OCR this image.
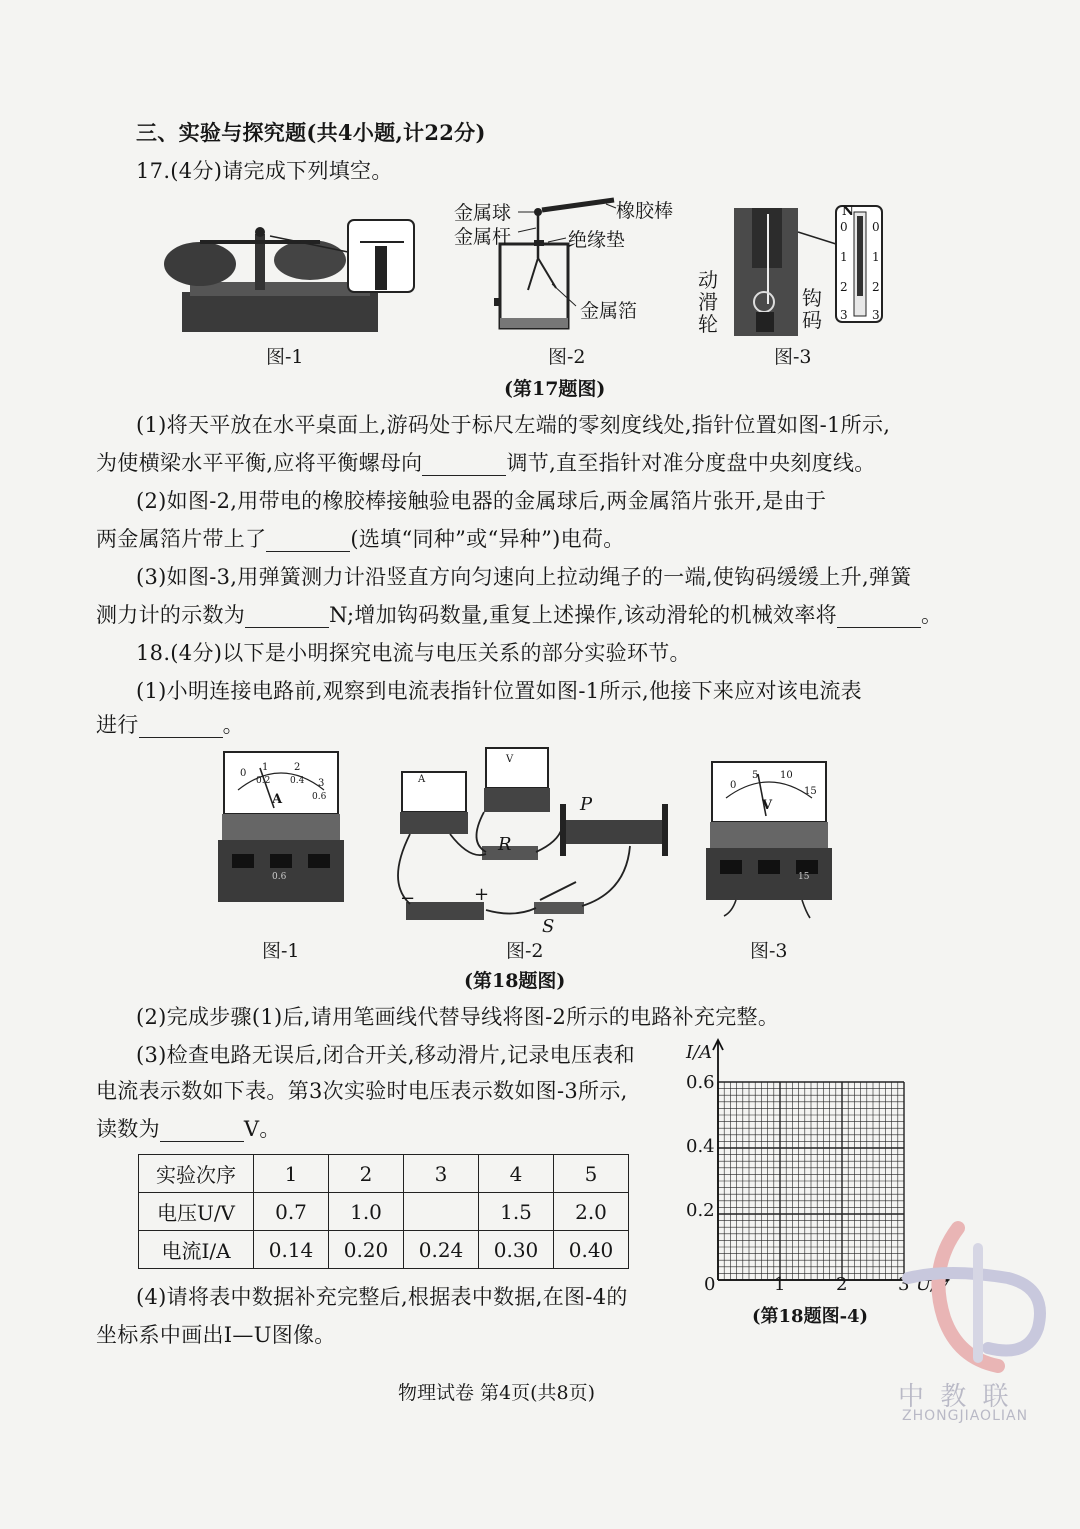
三、实验与探究题(共4小题,计22分)
17.(4分)请完成下列填空。
图-1
金属球
金属杆
橡胶棒
绝缘垫
金属箔
图-2
N
0
1
2
3
0
1
2
3
动
滑
轮
钩
码
图-3
(第17题图)
(1)将天平放在水平桌面上,游码处于标尺左端的零刻度线处,指针位置如图-1所示,
为使横梁水平平衡,应将平衡螺母向	调节,直至指针对准分度盘中央刻度线。
(2)如图-2,用带电的橡胶棒接触验电器的金属球后,两金属箔片张开,是由于
两金属箔片带上了	(选填“同种”或“异种”)电荷。
(3)如图-3,用弹簧测力计沿竖直方向匀速向上拉动绳子的一端,使钩码缓缓上升,弹簧
测力计的示数为	N;增加钩码数量,重复上述操作,该动滑轮的机械效率将	。
18.(4分)以下是小明探究电流与电压关系的部分实验环节。
(1)小明连接电路前,观察到电流表指针位置如图-1所示,他接下来应对该电流表
进行	。
A
0
1	2
3
0.2 0.4
0.6
0.6
图-1
A
V
R
P
S
−	+
图-2
V
0
5 10
15
15
图-3
(第18题图)
(2)完成步骤(1)后,请用笔画线代替导线将图-2所示的电路补充完整。
(3)检查电路无误后,闭合开关,移动滑片,记录电压表和
电流表示数如下表。第3次实验时电压表示数如图-3所示,
读数为	V。
实验次序	1	2	3	4	5
电压U/V	0.7	1.0		1.5	2.0
电流I/A	0.14	0.20	0.24	0.30	0.40
(4)请将表中数据补充完整后,根据表中数据,在图-4的
坐标系中画出I—U图像。
I/A
0.6
0.4
0.2
0	1	2	3 U/V
(第18题图-4)
物理试卷 第4页(共8页)	中 教 联
ZHONGJIAOLIAN
